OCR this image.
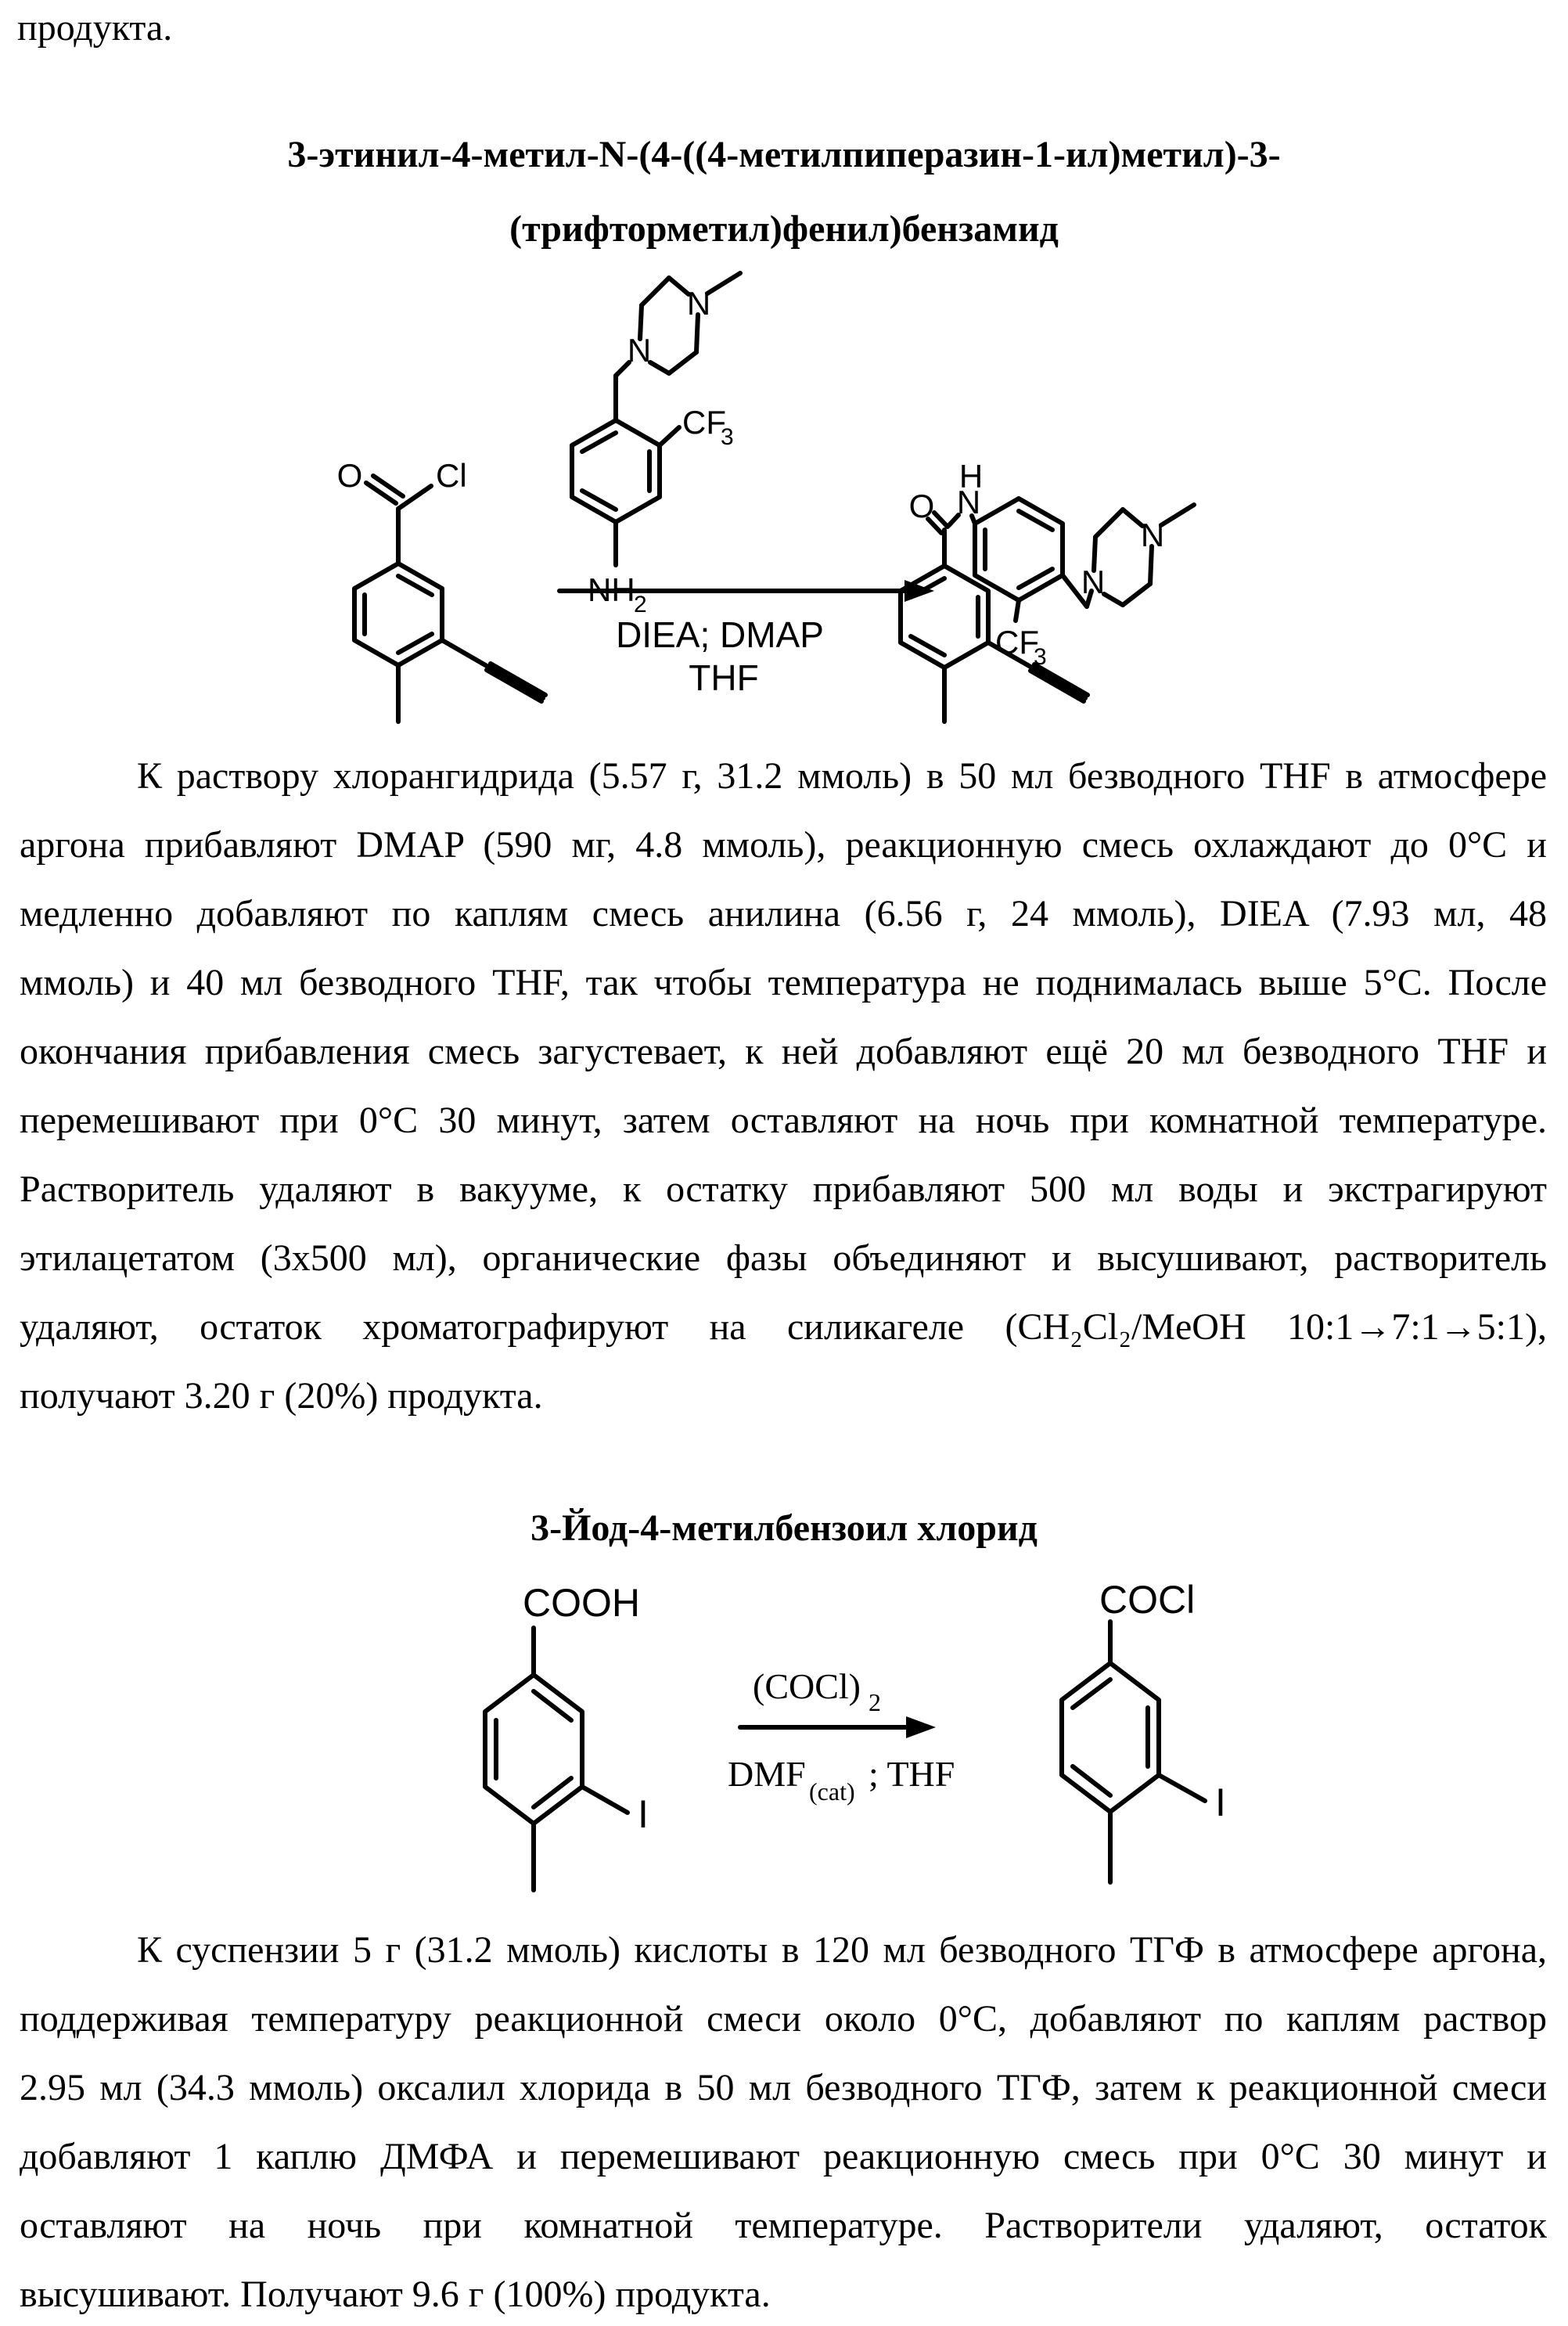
продукта.
3-этинил-4-метил-N-(4-((4-метилпиперазин-1-ил)метил)-3-
(трифторметил)фенил)бензамид
O Cl
NH
2
CF
3
N
N
DIEA; DMAP
THF
O N
H
CF
3
N
N
К раствору хлорангидрида (5.57 г, 31.2 ммоль) в 50 мл безводного THF в атмосфере
аргона прибавляют DMAP (590 мг, 4.8 ммоль), реакционную смесь охлаждают до 0°С и
медленно добавляют по каплям смесь анилина (6.56 г, 24 ммоль), DIEA (7.93 мл, 48
ммоль) и 40 мл безводного THF, так чтобы температура не поднималась выше 5°С. После
окончания прибавления смесь загустевает, к ней добавляют ещё 20 мл безводного THF и
перемешивают при 0°С 30 минут, затем оставляют на ночь при комнатной температуре.
Растворитель удаляют в вакууме, к остатку прибавляют 500 мл воды и экстрагируют
этилацетатом (3x500 мл), органические фазы объединяют и высушивают, растворитель
удаляют, остаток хроматографируют на силикагеле (CH₂Cl₂/MeOH 10:1→7:1→5:1),
получают 3.20 г (20%) продукта.
3-Йод-4-метилбензоил хлорид
COOH
I
(COCl) 2
DMF (cat) ; THF
COCl
I
К суспензии 5 г (31.2 ммоль) кислоты в 120 мл безводного ТГФ в атмосфере аргона,
поддерживая температуру реакционной смеси около 0°С, добавляют по каплям раствор
2.95 мл (34.3 ммоль) оксалил хлорида в 50 мл безводного ТГФ, затем к реакционной смеси
добавляют 1 каплю ДМФА и перемешивают реакционную смесь при 0°С 30 минут и
оставляют на ночь при комнатной температуре. Растворители удаляют, остаток
высушивают. Получают 9.6 г (100%) продукта.
